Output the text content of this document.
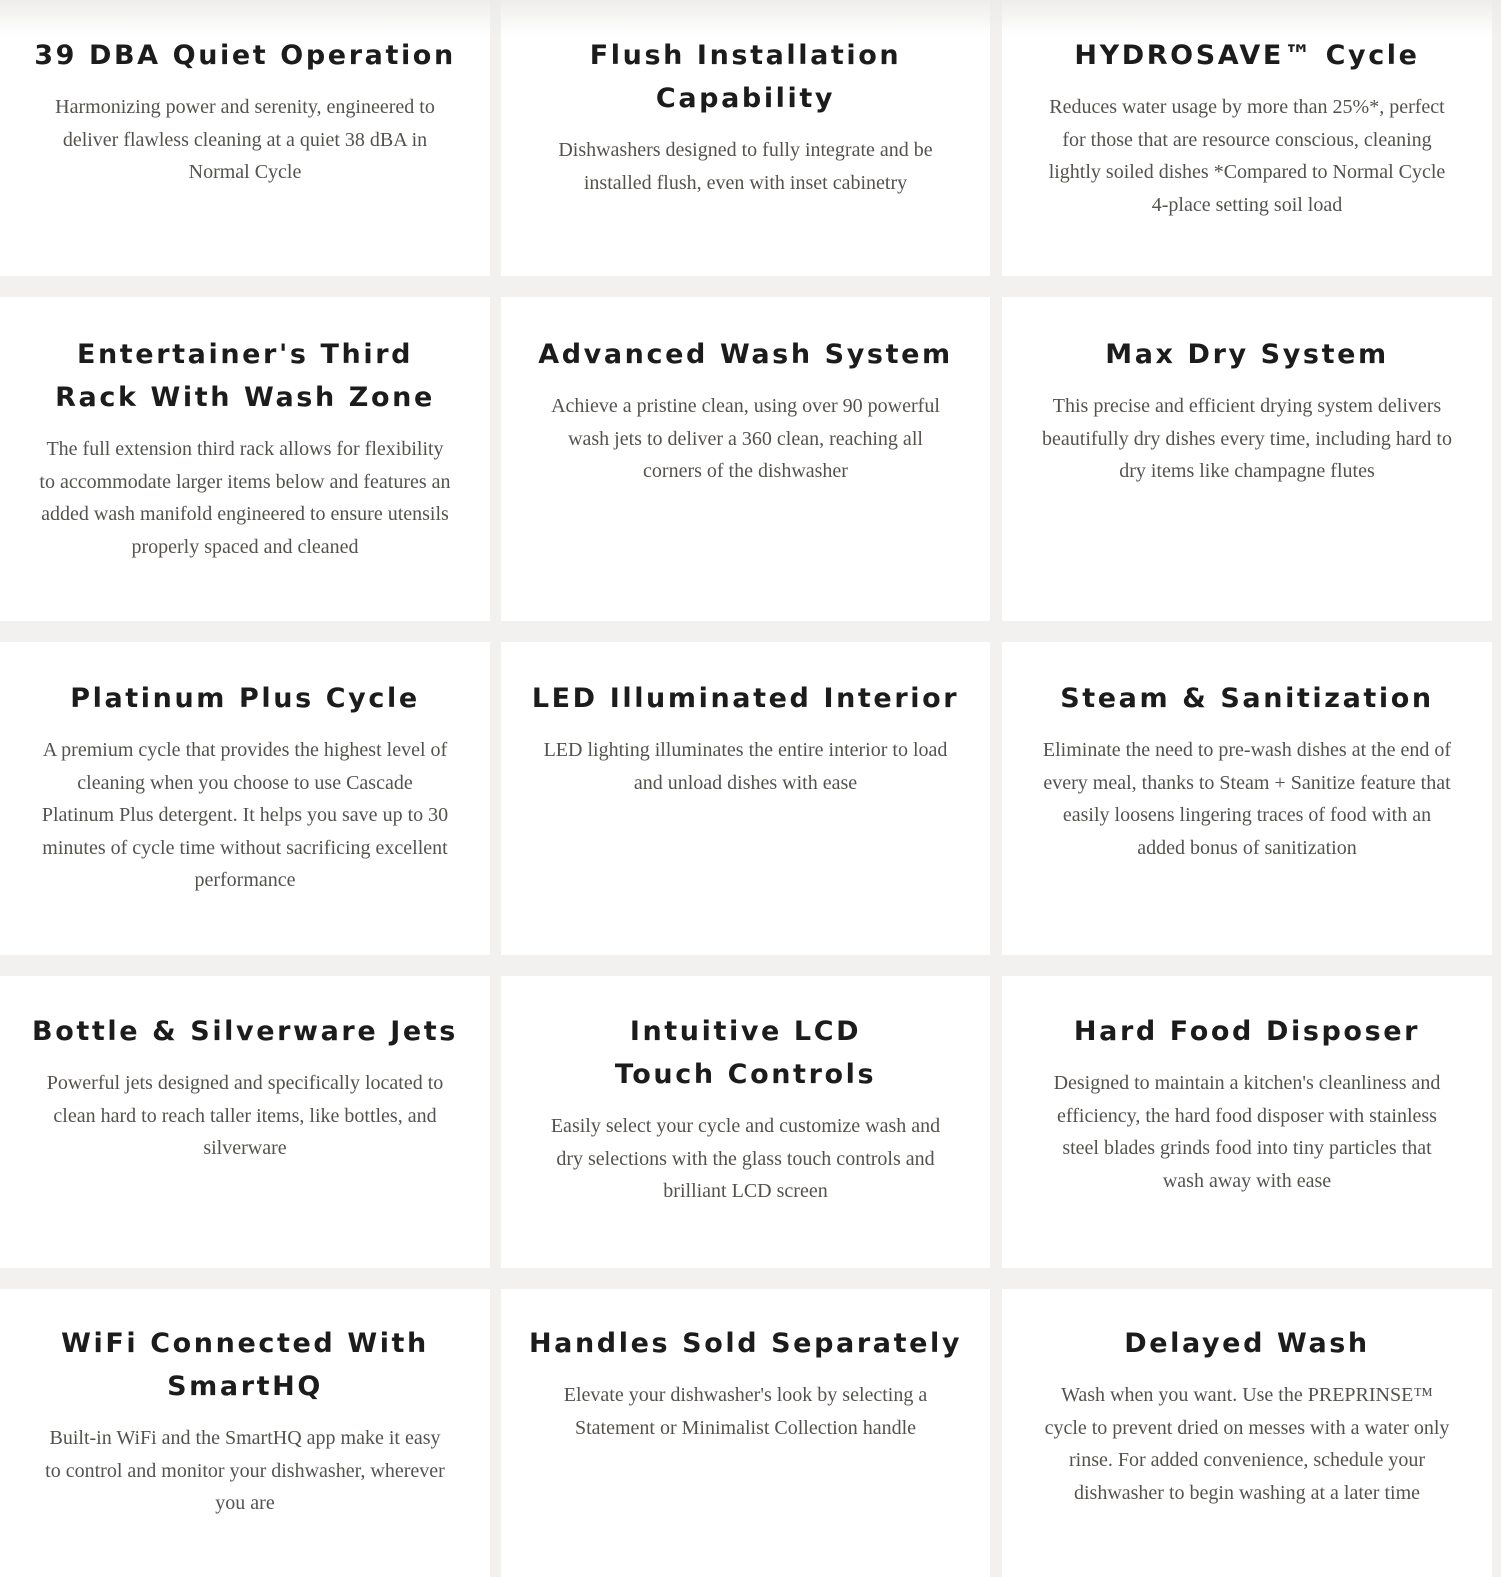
39 DBA Quiet Operation

Harmonizing power and serenity, engineered to deliver flawless cleaning at a quiet 38 dBA in Normal Cycle

Flush Installation Capability

Dishwashers designed to fully integrate and be installed flush, even with inset cabinetry

HYDROSAVE™ Cycle

Reduces water usage by more than 25%*, perfect for those that are resource conscious, cleaning lightly soiled dishes *Compared to Normal Cycle 4-place setting soil load

Entertainer's Third Rack With Wash Zone

The full extension third rack allows for flexibility to accommodate larger items below and features an added wash manifold engineered to ensure utensils properly spaced and cleaned

Advanced Wash System

Achieve a pristine clean, using over 90 powerful wash jets to deliver a 360 clean, reaching all corners of the dishwasher

Max Dry System

This precise and efficient drying system delivers beautifully dry dishes every time, including hard to dry items like champagne flutes

Platinum Plus Cycle

A premium cycle that provides the highest level of cleaning when you choose to use Cascade Platinum Plus detergent. It helps you save up to 30 minutes of cycle time without sacrificing excellent performance

LED Illuminated Interior

LED lighting illuminates the entire interior to load and unload dishes with ease

Steam & Sanitization

Eliminate the need to pre-wash dishes at the end of every meal, thanks to Steam + Sanitize feature that easily loosens lingering traces of food with an added bonus of sanitization

Bottle & Silverware Jets

Powerful jets designed and specifically located to clean hard to reach taller items, like bottles, and silverware

Intuitive LCD Touch Controls

Easily select your cycle and customize wash and dry selections with the glass touch controls and brilliant LCD screen

Hard Food Disposer

Designed to maintain a kitchen's cleanliness and efficiency, the hard food disposer with stainless steel blades grinds food into tiny particles that wash away with ease

WiFi Connected With SmartHQ

Built-in WiFi and the SmartHQ app make it easy to control and monitor your dishwasher, wherever you are

Handles Sold Separately

Elevate your dishwasher's look by selecting a Statement or Minimalist Collection handle

Delayed Wash

Wash when you want. Use the PREPRINSE™ cycle to prevent dried on messes with a water only rinse. For added convenience, schedule your dishwasher to begin washing at a later time
